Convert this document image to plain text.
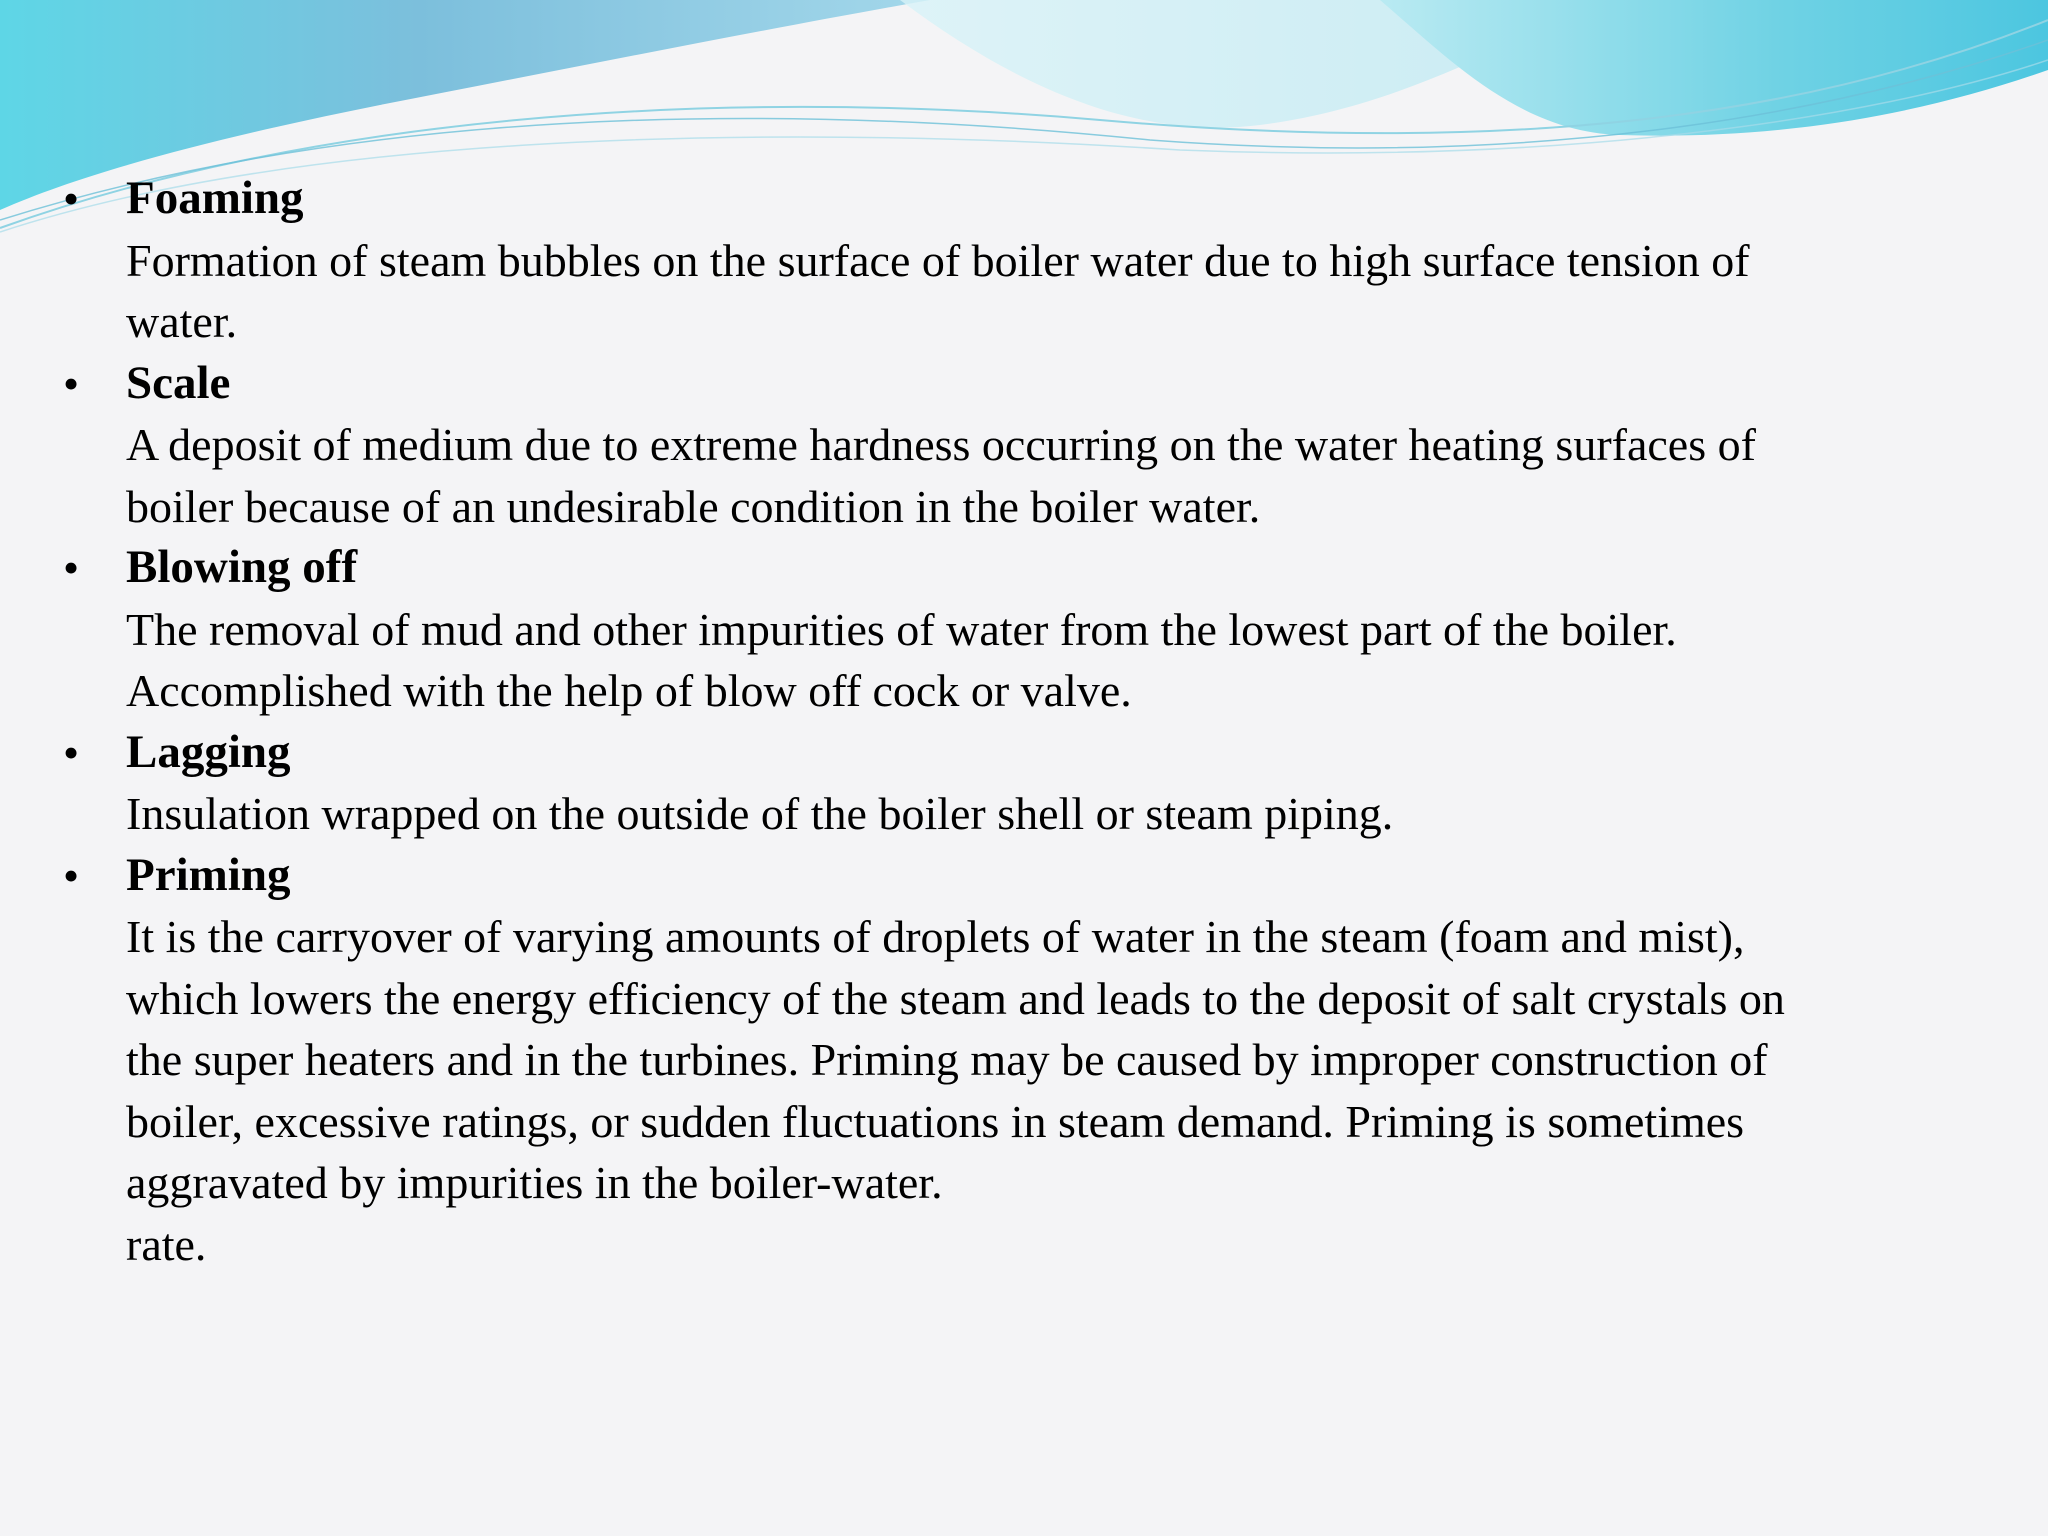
• Foaming
Formation of steam bubbles on the surface of boiler water due to high surface tension of
water.
• Scale
A deposit of medium due to extreme hardness occurring on the water heating surfaces of
boiler because of an undesirable condition in the boiler water.
• Blowing off
The removal of mud and other impurities of water from the lowest part of the boiler.
Accomplished with the help of blow off cock or valve.
• Lagging
Insulation wrapped on the outside of the boiler shell or steam piping.
• Priming
It is the carryover of varying amounts of droplets of water in the steam (foam and mist),
which lowers the energy efficiency of the steam and leads to the deposit of salt crystals on
the super heaters and in the turbines. Priming may be caused by improper construction of
boiler, excessive ratings, or sudden fluctuations in steam demand. Priming is sometimes
aggravated by impurities in the boiler-water.
rate.
